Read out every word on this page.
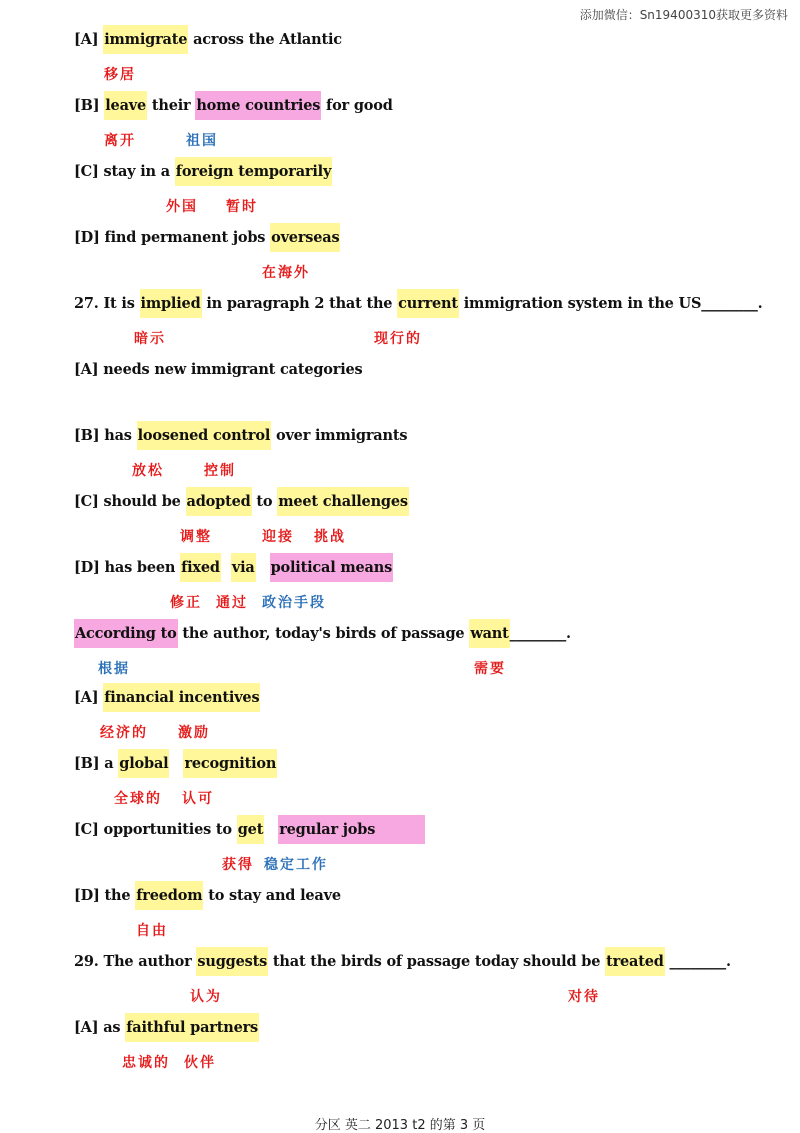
添加微信：Sn19400310获取更多资料
[A] immigrate across the Atlantic
移居
[B] leave their home countries for good
离开	祖国
[C] stay in a foreign temporarily
外国 暂时
[D] find permanent jobs overseas
在海外
27. It is implied in paragraph 2 that the current immigration system in the US________.
暗示	现行的
[A] needs new immigrant categories
[B] has loosened control over immigrants
放松	控制
[C] should be adopted to meet challenges
调整	迎接 挑战
[D] has been fixed via political means
修正 通过 政治手段
According to the author, today's birds of passage want________.
根据	需要
[A] financial incentives
经济的 激励
[B] a global recognition
全球的 认可
[C] opportunities to get regular jobs
获得 稳定工作
[D] the freedom to stay and leave
自由
29. The author suggests that the birds of passage today should be treated ________.
认为	对待
[A] as faithful partners
忠诚的 伙伴
分区 英二 2013 t2 的第 3 页
